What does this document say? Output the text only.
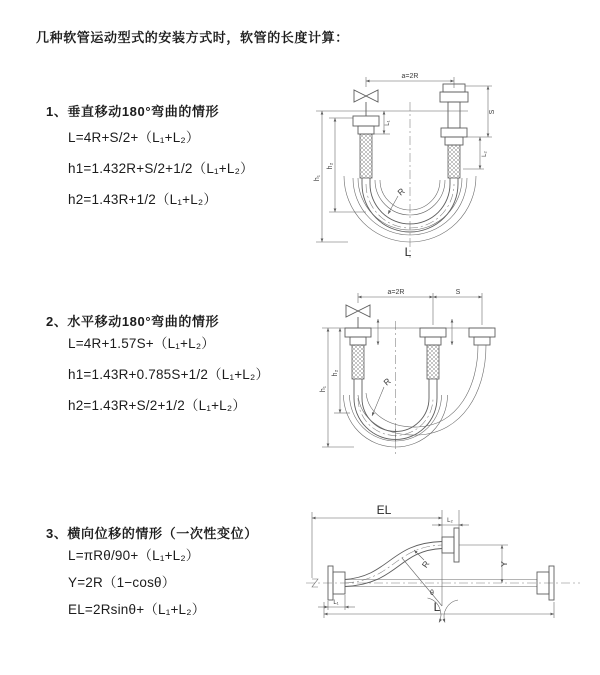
几种软管运动型式的安装方式时，软管的长度计算：
1、垂直移动180°弯曲的情形
L=4R+S/2+（L₁+L₂）
h1=1.432R+S/2+1/2（L₁+L₂）
h2=1.43R+1/2（L₁+L₂）
2、水平移动180°弯曲的情形
L=4R+1.57S+（L₁+L₂）
h1=1.43R+0.785S+1/2（L₁+L₂）
h2=1.43R+S/2+1/2（L₁+L₂）
3、横向位移的情形（一次性变位）
L=πRθ/90+（L₁+L₂）
Y=2R（1−cosθ）
EL=2Rsinθ+（L₁+L₂）
a=2R
L
h₁
h₂
L₁
S
L₂
R
a=2R	S
h₁
h₂
R
EL
L₂
Y
R
θ
L₁	L
